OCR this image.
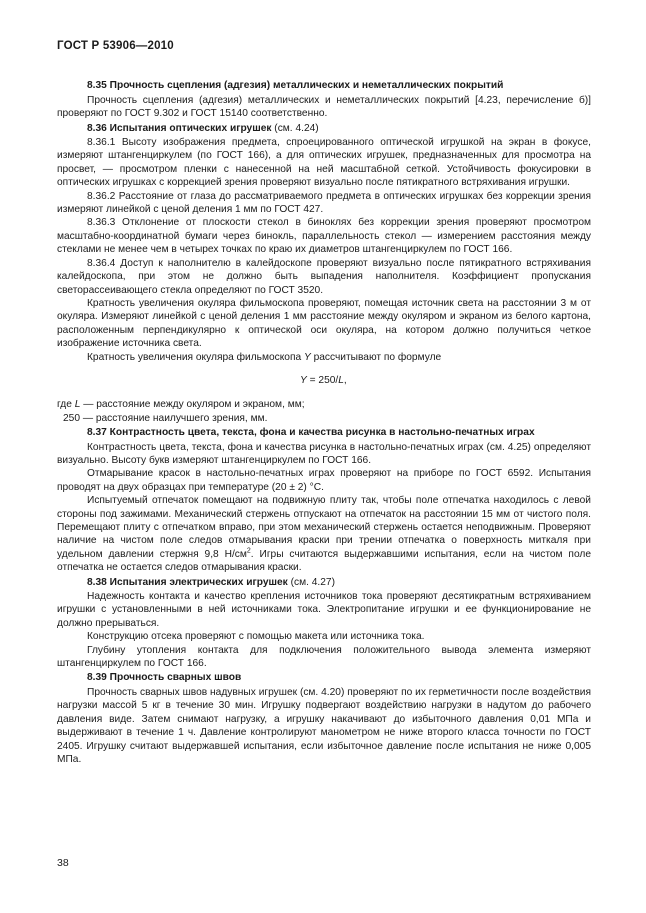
ГОСТ Р 53906—2010

8.35 Прочность сцепления (адгезия) металлических и неметаллических покрытий

Прочность сцепления (адгезия) металлических и неметаллических покрытий [4.23, перечисление б)] проверяют по ГОСТ 9.302 и ГОСТ 15140 соответственно.

8.36 Испытания оптических игрушек (см. 4.24)

8.36.1 Высоту изображения предмета, спроецированного оптической игрушкой на экран в фокусе, измеряют штангенциркулем (по ГОСТ 166), а для оптических игрушек, предназначенных для просмотра на просвет, — просмотром пленки с нанесенной на ней масштабной сеткой. Устойчивость фокусировки в оптических игрушках с коррекцией зрения проверяют визуально после пятикратного встряхивания игрушки.

8.36.2 Расстояние от глаза до рассматриваемого предмета в оптических игрушках без коррекции зрения измеряют линейкой с ценой деления 1 мм по ГОСТ 427.

8.36.3 Отклонение от плоскости стекол в биноклях без коррекции зрения проверяют просмотром масштабно-координатной бумаги через бинокль, параллельность стекол — измерением расстояния между стеклами не менее чем в четырех точках по краю их диаметров штангенциркулем по ГОСТ 166.

8.36.4 Доступ к наполнителю в калейдоскопе проверяют визуально после пятикратного встряхивания калейдоскопа, при этом не должно быть выпадения наполнителя. Коэффициент пропускания светорассеивающего стекла определяют по ГОСТ 3520.

Кратность увеличения окуляра фильмоскопа проверяют, помещая источник света на расстоянии 3 м от окуляра. Измеряют линейкой с ценой деления 1 мм расстояние между окуляром и экраном из белого картона, расположенным перпендикулярно к оптической оси окуляра, на котором должно получиться четкое изображение источника света.

Кратность увеличения окуляра фильмоскопа Y рассчитывают по формуле

Y = 250/L,

где L — расстояние между окуляром и экраном, мм;

250 — расстояние наилучшего зрения, мм.

8.37 Контрастность цвета, текста, фона и качества рисунка в настольно-печатных играх

Контрастность цвета, текста, фона и качества рисунка в настольно-печатных играх (см. 4.25) определяют визуально. Высоту букв измеряют штангенциркулем по ГОСТ 166.

Отмарывание красок в настольно-печатных играх проверяют на приборе по ГОСТ 6592. Испытания проводят на двух образцах при температуре (20 ± 2) °С.

Испытуемый отпечаток помещают на подвижную плиту так, чтобы поле отпечатка находилось с левой стороны под зажимами. Механический стержень отпускают на отпечаток на расстоянии 15 мм от чистого поля. Перемещают плиту с отпечатком вправо, при этом механический стержень остается неподвижным. Проверяют наличие на чистом поле следов отмарывания краски при трении отпечатка о поверхность миткаля при удельном давлении стержня 9,8 $Н/см^2$. Игры считаются выдержавшими испытания, если на чистом поле отпечатка не остается следов отмарывания краски.

8.38 Испытания электрических игрушек (см. 4.27)

Надежность контакта и качество крепления источников тока проверяют десятикратным встряхиванием игрушки с установленными в ней источниками тока. Электропитание игрушки и ее функционирование не должно прерываться.

Конструкцию отсека проверяют с помощью макета или источника тока.

Глубину утопления контакта для подключения положительного вывода элемента измеряют штангенциркулем по ГОСТ 166.

8.39 Прочность сварных швов

Прочность сварных швов надувных игрушек (см. 4.20) проверяют по их герметичности после воздействия нагрузки массой 5 кг в течение 30 мин. Игрушку подвергают воздействию нагрузки в надутом до рабочего давления виде. Затем снимают нагрузку, а игрушку накачивают до избыточного давления 0,01 МПа и выдерживают в течение 1 ч. Давление контролируют манометром не ниже второго класса точности по ГОСТ 2405. Игрушку считают выдержавшей испытания, если избыточное давление после испытания не ниже 0,005 МПа.

38
